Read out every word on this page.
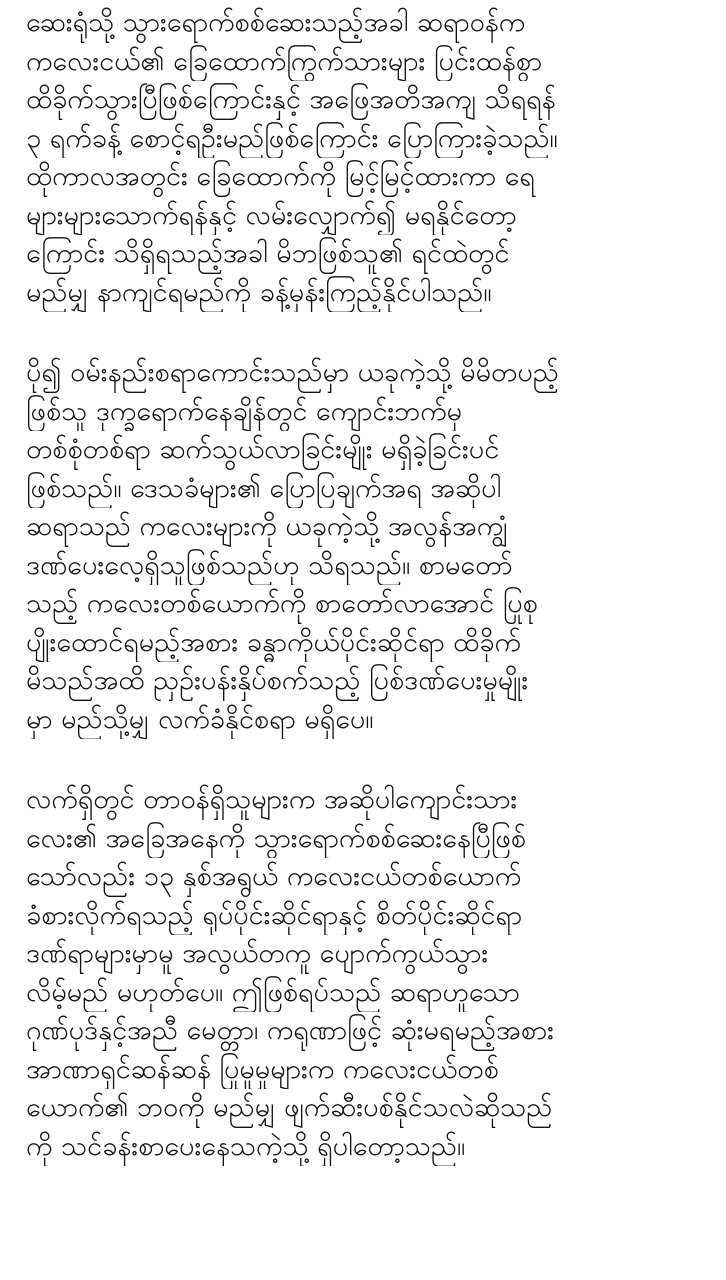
ဆေးရုံသို့ သွားရောက်စစ်ဆေးသည့်အခါ ဆရာဝန်က
ကလေးငယ်၏ ခြေထောက်ကြွက်သားများ ပြင်းထန်စွာ
ထိခိုက်သွားပြီဖြစ်ကြောင်းနှင့် အဖြေအတိအကျ သိရရန်
၃ ရက်ခန့် စောင့်ရဦးမည်ဖြစ်ကြောင်း ပြောကြားခဲ့သည်။
ထိုကာလအတွင်း ခြေထောက်ကို မြင့်မြင့်ထားကာ ရေ
များများသောက်ရန်နှင့် လမ်းလျှောက်၍ မရနိုင်တော့
ကြောင်း သိရှိရသည့်အခါ မိဘဖြစ်သူ၏ ရင်ထဲတွင်
မည်မျှ နာကျင်ရမည်ကို ခန့်မှန်းကြည့်နိုင်ပါသည်။
ပို၍ ဝမ်းနည်းစရာကောင်းသည်မှာ ယခုကဲ့သို့ မိမိတပည့်
ဖြစ်သူ ဒုက္ခရောက်နေချိန်တွင် ကျောင်းဘက်မှ
တစ်စုံတစ်ရာ ဆက်သွယ်လာခြင်းမျိုး မရှိခဲ့ခြင်းပင်
ဖြစ်သည်။ ဒေသခံများ၏ ပြောပြချက်အရ အဆိုပါ
ဆရာသည် ကလေးများကို ယခုကဲ့သို့ အလွန်အကျွံ
ဒဏ်ပေးလေ့ရှိသူဖြစ်သည်ဟု သိရသည်။ စာမတော်
သည့် ကလေးတစ်ယောက်ကို စာတော်လာအောင် ပြုစု
ပျိုးထောင်ရမည့်အစား ခန္ဓာကိုယ်ပိုင်းဆိုင်ရာ ထိခိုက်
မိသည်အထိ ညှဉ်းပန်းနှိပ်စက်သည့် ပြစ်ဒဏ်ပေးမှုမျိုး
မှာ မည်သို့မျှ လက်ခံနိုင်စရာ မရှိပေ။
လက်ရှိတွင် တာဝန်ရှိသူများက အဆိုပါကျောင်းသား
လေး၏ အခြေအနေကို သွားရောက်စစ်ဆေးနေပြီဖြစ်
သော်လည်း ၁၃ နှစ်အရွယ် ကလေးငယ်တစ်ယောက်
ခံစားလိုက်ရသည့် ရုပ်ပိုင်းဆိုင်ရာနှင့် စိတ်ပိုင်းဆိုင်ရာ
ဒဏ်ရာများမှာမူ အလွယ်တကူ ပျောက်ကွယ်သွား
လိမ့်မည် မဟုတ်ပေ။ ဤဖြစ်ရပ်သည် ဆရာဟူသော
ဂုဏ်ပုဒ်နှင့်အညီ မေတ္တာ၊ ကရုဏာဖြင့် ဆုံးမရမည့်အစား
အာဏာရှင်ဆန်ဆန် ပြုမူမှုများက ကလေးငယ်တစ်
ယောက်၏ ဘဝကို မည်မျှ ဖျက်ဆီးပစ်နိုင်သလဲဆိုသည်
ကို သင်ခန်းစာပေးနေသကဲ့သို့ ရှိပါတော့သည်။
